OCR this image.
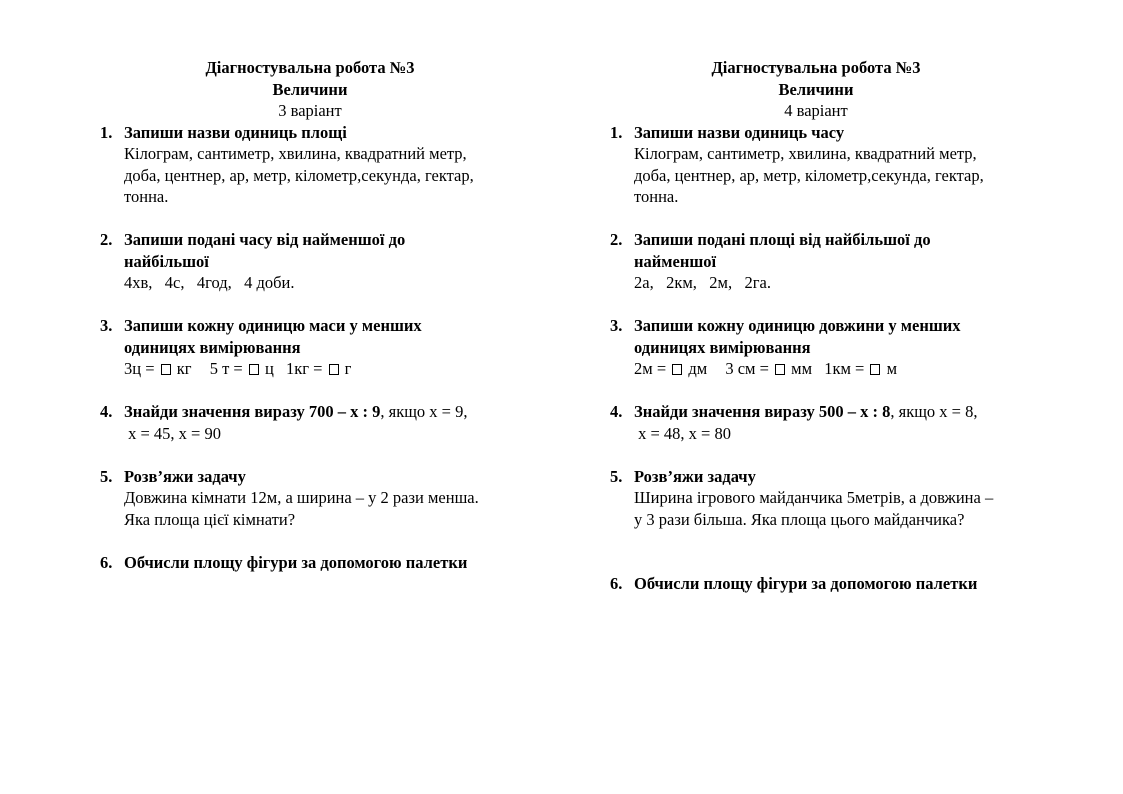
Діагностувальна робота №3
Величини
3 варіант
1. Запиши назви одиниць площі
Кілограм, сантиметр, хвилина, квадратний метр,
доба, центнер, ар, метр, кілометр,секунда, гектар,
тонна.
2. Запиши подані часу від найменшої до
найбільшої
4хв,   4с,   4год,   4 доби.
3. Запиши кожну одиницю маси у менших
одиницях вимірювання
3ц = кг 5 т = ц 1кг = г
4. Знайди значення виразу 700 – х : 9, якщо х = 9,
х = 45, х = 90
5. Розв’яжи задачу
Довжина кімнати 12м, а ширина – у 2 рази менша.
Яка площа цієї кімнати?
6. Обчисли площу фігури за допомогою палетки
Діагностувальна робота №3
Величини
4 варіант
1. Запиши назви одиниць часу
Кілограм, сантиметр, хвилина, квадратний метр,
доба, центнер, ар, метр, кілометр,секунда, гектар,
тонна.
2. Запиши подані площі від найбільшої до
найменшої
2а,   2км,   2м,   2га.
3. Запиши кожну одиницю довжини у менших
одиницях вимірювання
2м = дм 3 см = мм 1км = м
4. Знайди значення виразу 500 – х : 8, якщо х = 8,
х = 48, х = 80
5. Розв’яжи задачу
Ширина ігрового майданчика 5метрів, а довжина –
у 3 рази більша. Яка площа цього майданчика?
6. Обчисли площу фігури за допомогою палетки
